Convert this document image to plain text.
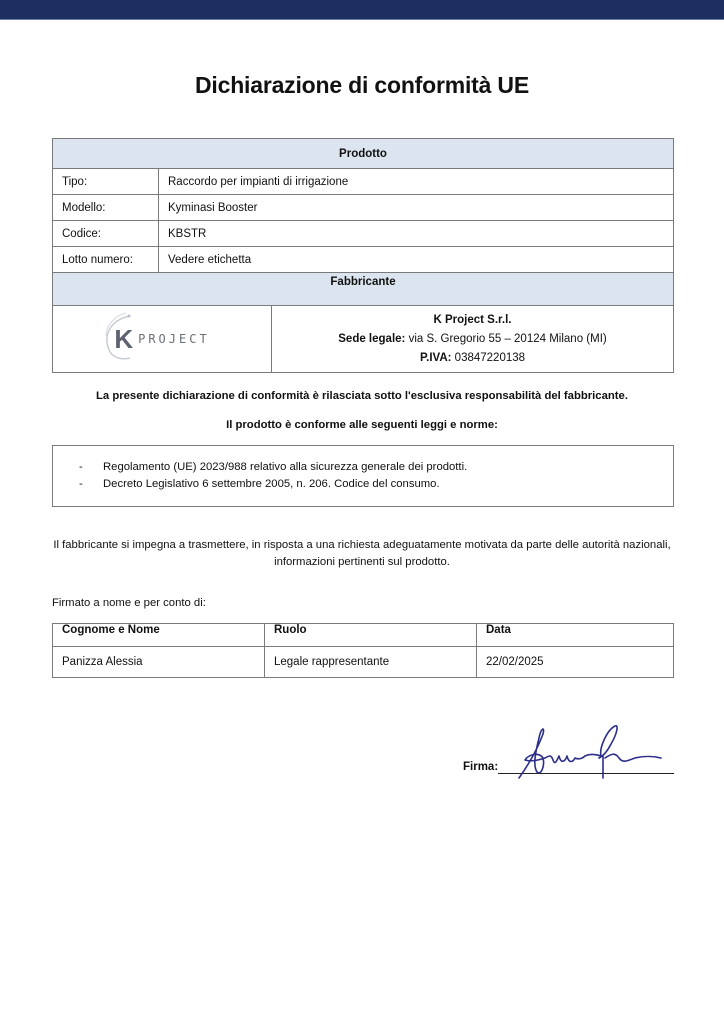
Dichiarazione di conformità UE
Prodotto
Tipo:	Raccordo per impianti di irrigazione
Modello:	Kyminasi Booster
Codice:	KBSTR
Lotto numero:	Vedere etichetta
Fabbricante

K PROJECT

K Project S.r.l.
Sede legale: via S. Gregorio 55 – 20124 Milano (MI)
P.IVA: 03847220138
La presente dichiarazione di conformità è rilasciata sotto l'esclusiva responsabilità del fabbricante.
Il prodotto è conforme alle seguenti leggi e norme:
-	Regolamento (UE) 2023/988 relativo alla sicurezza generale dei prodotti.
-	Decreto Legislativo 6 settembre 2005, n. 206. Codice del consumo.
Il fabbricante si impegna a trasmettere, in risposta a una richiesta adeguatamente motivata da parte delle autorità nazionali,
informazioni pertinenti sul prodotto.
Firmato a nome e per conto di:
Cognome e Nome	Ruolo	Data
Panizza Alessia	Legale rappresentante	22/02/2025
Firma:
